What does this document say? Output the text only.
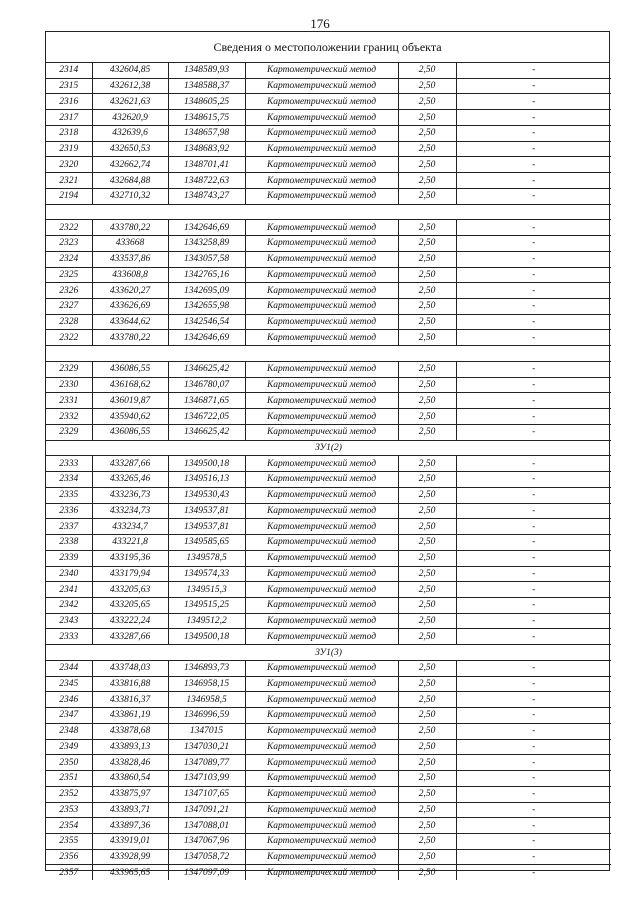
176
Сведения о местоположении границ объекта
2314	432604,85	1348589,93	Картометрический метод	2,50	-
2315	432612,38	1348588,37	Картометрический метод	2,50	-
2316	432621,63	1348605,25	Картометрический метод	2,50	-
2317	432620,9	1348615,75	Картометрический метод	2,50	-
2318	432639,6	1348657,98	Картометрический метод	2,50	-
2319	432650,53	1348683,92	Картометрический метод	2,50	-
2320	432662,74	1348701,41	Картометрический метод	2,50	-
2321	432684,88	1348722,63	Картометрический метод	2,50	-
2194	432710,32	1348743,27	Картометрический метод	2,50	-

2322	433780,22	1342646,69	Картометрический метод	2,50	-
2323	433668	1343258,89	Картометрический метод	2,50	-
2324	433537,86	1343057,58	Картометрический метод	2,50	-
2325	433608,8	1342765,16	Картометрический метод	2,50	-
2326	433620,27	1342695,09	Картометрический метод	2,50	-
2327	433626,69	1342655,98	Картометрический метод	2,50	-
2328	433644,62	1342546,54	Картометрический метод	2,50	-
2322	433780,22	1342646,69	Картометрический метод	2,50	-

2329	436086,55	1346625,42	Картометрический метод	2,50	-
2330	436168,62	1346780,07	Картометрический метод	2,50	-
2331	436019,87	1346871,65	Картометрический метод	2,50	-
2332	435940,62	1346722,05	Картометрический метод	2,50	-
2329	436086,55	1346625,42	Картометрический метод	2,50	-
ЗУ1(2)					
2333	433287,66	1349500,18	Картометрический метод	2,50	-
2334	433265,46	1349516,13	Картометрический метод	2,50	-
2335	433236,73	1349530,43	Картометрический метод	2,50	-
2336	433234,73	1349537,81	Картометрический метод	2,50	-
2337	433234,7	1349537,81	Картометрический метод	2,50	-
2338	433221,8	1349585,65	Картометрический метод	2,50	-
2339	433195,36	1349578,5	Картометрический метод	2,50	-
2340	433179,94	1349574,33	Картометрический метод	2,50	-
2341	433205,63	1349515,3	Картометрический метод	2,50	-
2342	433205,65	1349515,25	Картометрический метод	2,50	-
2343	433222,24	1349512,2	Картометрический метод	2,50	-
2333	433287,66	1349500,18	Картометрический метод	2,50	-
ЗУ1(3)					
2344	433748,03	1346893,73	Картометрический метод	2,50	-
2345	433816,88	1346958,15	Картометрический метод	2,50	-
2346	433816,37	1346958,5	Картометрический метод	2,50	-
2347	433861,19	1346996,59	Картометрический метод	2,50	-
2348	433878,68	1347015	Картометрический метод	2,50	-
2349	433893,13	1347030,21	Картометрический метод	2,50	-
2350	433828,46	1347089,77	Картометрический метод	2,50	-
2351	433860,54	1347103,99	Картометрический метод	2,50	-
2352	433875,97	1347107,65	Картометрический метод	2,50	-
2353	433893,71	1347091,21	Картометрический метод	2,50	-
2354	433897,36	1347088,01	Картометрический метод	2,50	-
2355	433919,01	1347067,96	Картометрический метод	2,50	-
2356	433928,99	1347058,72	Картометрический метод	2,50	-
2357	433965,65	1347097,09	Картометрический метод	2,50	-
